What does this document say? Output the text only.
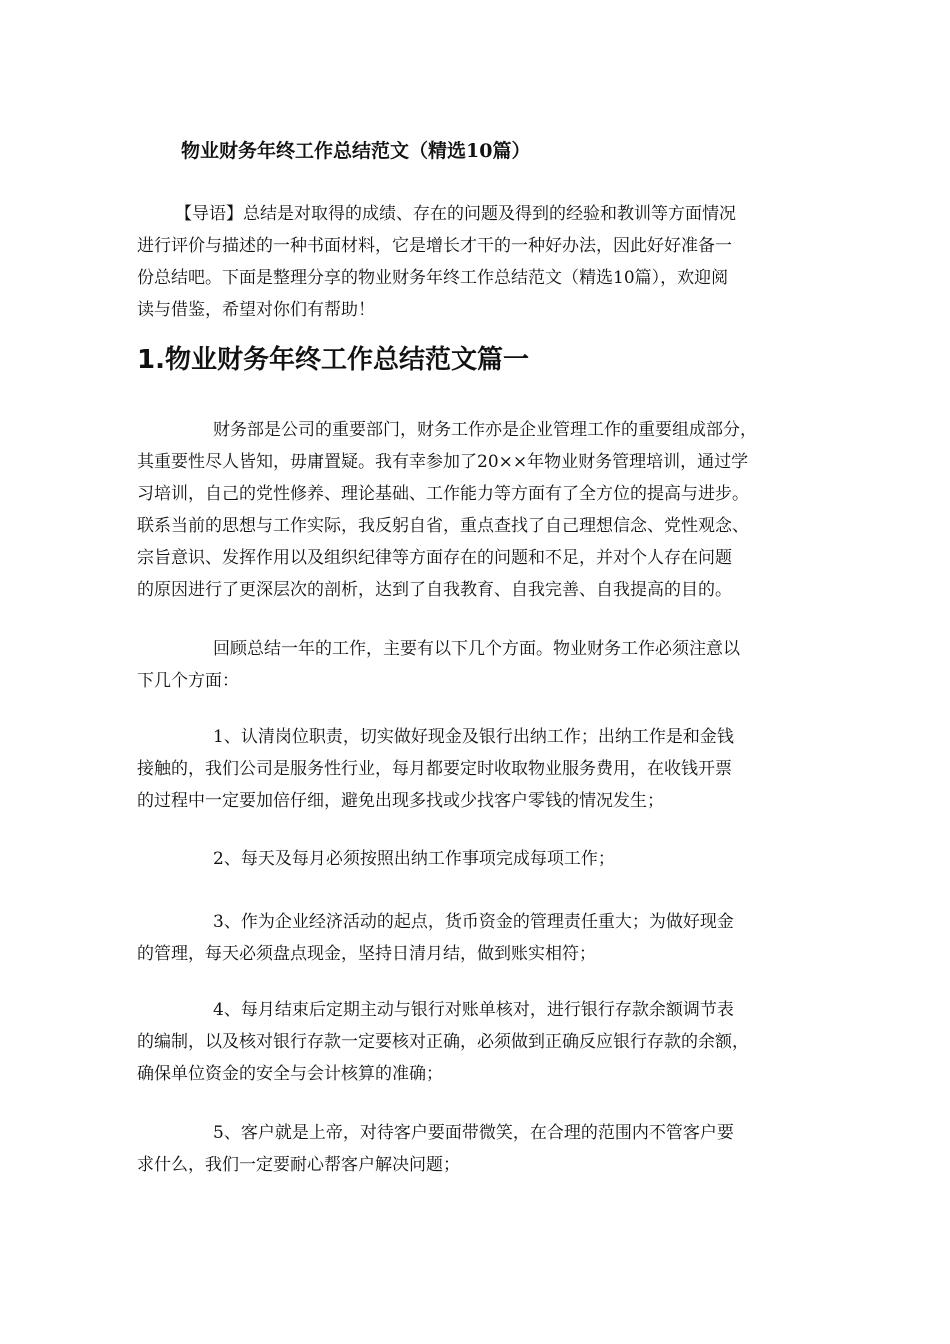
物业财务年终工作总结范文（精选10篇）

【导语】总结是对取得的成绩、存在的问题及得到的经验和教训等方面情况
进行评价与描述的一种书面材料，它是增长才干的一种好办法，因此好好准备一
份总结吧。下面是整理分享的物业财务年终工作总结范文（精选10篇），欢迎阅
读与借鉴，希望对你们有帮助！

1.物业财务年终工作总结范文篇一

财务部是公司的重要部门，财务工作亦是企业管理工作的重要组成部分，
其重要性尽人皆知，毋庸置疑。我有幸参加了20××年物业财务管理培训，通过学
习培训，自己的党性修养、理论基础、工作能力等方面有了全方位的提高与进步。
联系当前的思想与工作实际，我反躬自省，重点查找了自己理想信念、党性观念、
宗旨意识、发挥作用以及组织纪律等方面存在的问题和不足，并对个人存在问题
的原因进行了更深层次的剖析，达到了自我教育、自我完善、自我提高的目的。

回顾总结一年的工作，主要有以下几个方面。物业财务工作必须注意以
下几个方面：

1、认清岗位职责，切实做好现金及银行出纳工作；出纳工作是和金钱
接触的，我们公司是服务性行业，每月都要定时收取物业服务费用，在收钱开票
的过程中一定要加倍仔细，避免出现多找或少找客户零钱的情况发生；

2、每天及每月必须按照出纳工作事项完成每项工作；

3、作为企业经济活动的起点，货币资金的管理责任重大；为做好现金
的管理，每天必须盘点现金，坚持日清月结，做到账实相符；

4、每月结束后定期主动与银行对账单核对，进行银行存款余额调节表
的编制，以及核对银行存款一定要核对正确，必须做到正确反应银行存款的余额，
确保单位资金的安全与会计核算的准确；

5、客户就是上帝，对待客户要面带微笑，在合理的范围内不管客户要
求什么，我们一定要耐心帮客户解决问题；
